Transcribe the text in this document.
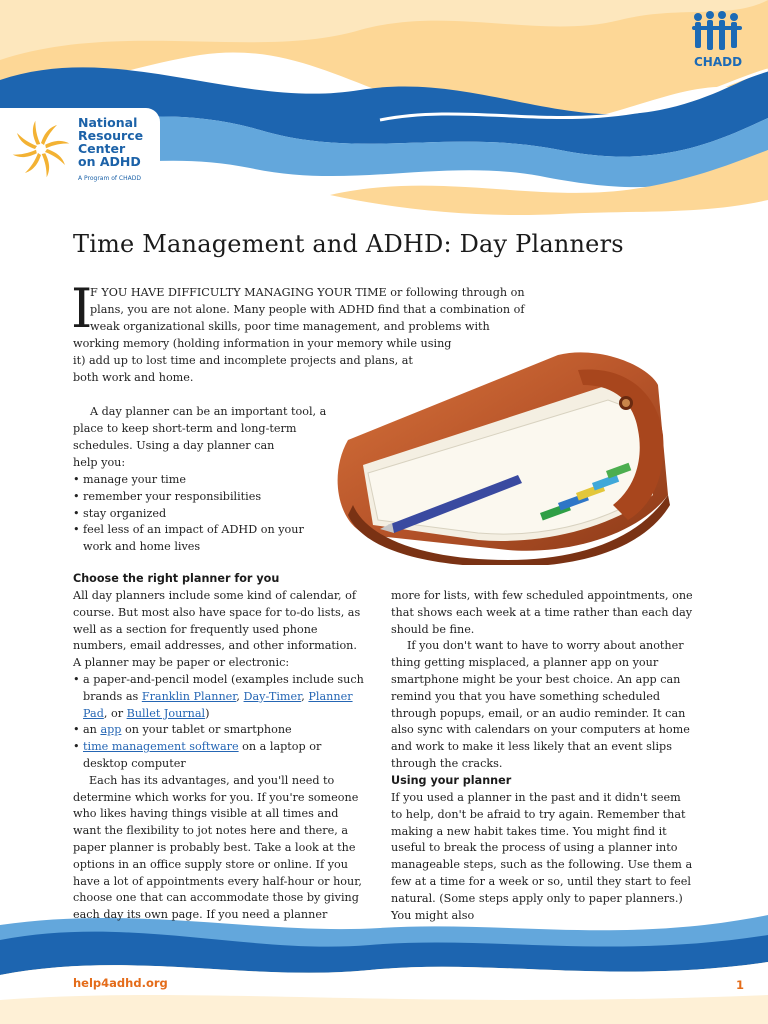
National
Resource
Center
on ADHD
A Program of CHADD
CHADD
Time Management and ADHD: Day Planners
I
F YOU HAVE DIFFICULTY MANAGING YOUR TIME or following through on
plans, you are not alone. Many people with ADHD find that a combination of
weak organizational skills, poor time management, and problems with
working memory (holding information in your memory while using
it) add up to lost time and incomplete projects and plans, at
both work and home.
A day planner can be an important tool, a
place to keep short-term and long-term
schedules. Using a day planner can
help you:
• manage your time
• remember your responsibilities
• stay organized
• feel less of an impact of ADHD on your work and home lives
Choose the right planner for you

All day planners include some kind of calendar, of course. But most also have space for to-do lists, as well as a section for frequently used phone numbers, email addresses, and other information. A planner may be paper or electronic:

• a paper-and-pencil model (examples include such brands as Franklin Planner, Day-Timer, Planner Pad, or Bullet Journal)
• an app on your tablet or smartphone
• time management software on a laptop or desktop computer

Each has its advantages, and you'll need to determine which works for you. If you're someone who likes having things visible at all times and want the flexibility to jot notes here and there, a paper planner is probably best. Take a look at the options in an office supply store or online. If you have a lot of appointments every half-hour or hour, choose one that can accommodate those by giving each day its own page. If you need a planner

more for lists, with few scheduled appointments, one that shows each week at a time rather than each day should be fine.

If you don't want to have to worry about another thing getting misplaced, a planner app on your smartphone might be your best choice. An app can remind you that you have something scheduled through popups, email, or an audio reminder. It can also sync with calendars on your computers at home and work to make it less likely that an event slips through the cracks.

Using your planner

If you used a planner in the past and it didn't seem to help, don't be afraid to try again. Remember that making a new habit takes time. You might find it useful to break the process of using a planner into manageable steps, such as the following. Use them a few at a time for a week or so, until they start to feel natural. (Some steps apply only to paper planners.) You might also

help4adhd.org	1
